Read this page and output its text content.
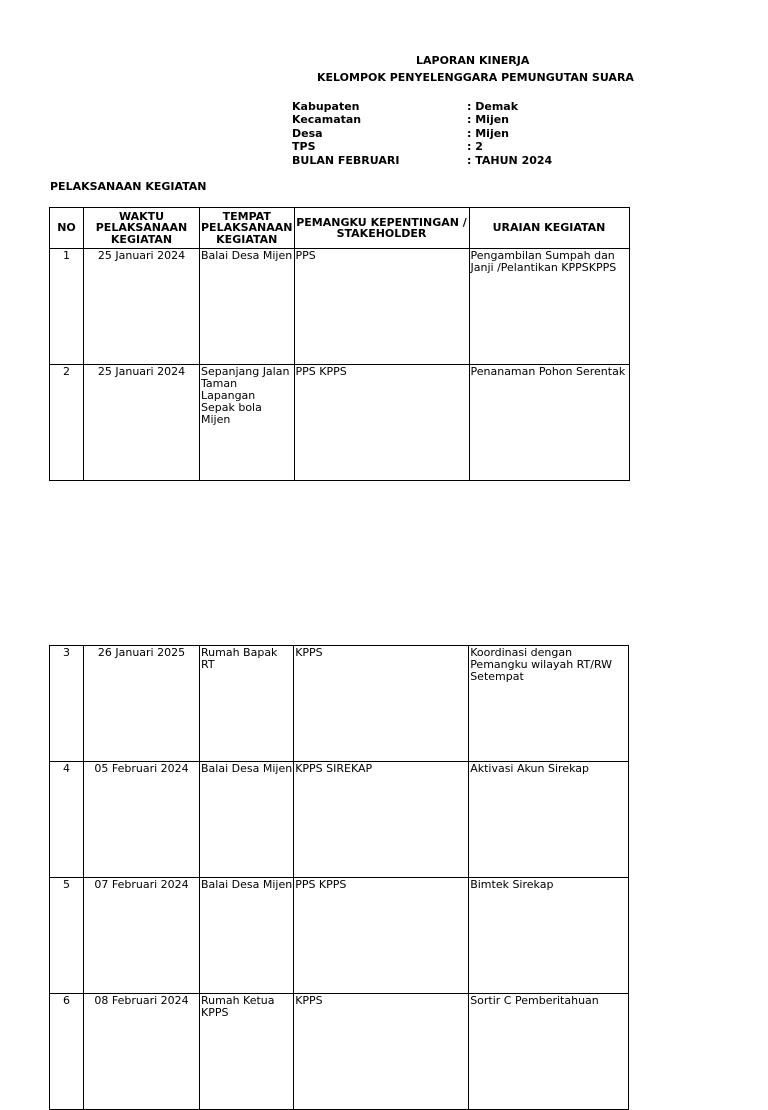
LAPORAN KINERJA
KELOMPOK PENYELENGGARA PEMUNGUTAN SUARA
Kabupaten	: Demak
Kecamatan	: Mijen
Desa	: Mijen
TPS	: 2
BULAN FEBRUARI	: TAHUN 2024
PELAKSANAAN KEGIATAN
NO	WAKTU PELAKSANAAN KEGIATAN	TEMPAT PELAKSANAAN KEGIATAN	PEMANGKU KEPENTINGAN / STAKEHOLDER	URAIAN KEGIATAN
1	25 Januari 2024	Balai Desa Mijen	PPS	Pengambilan Sumpah dan Janji /Pelantikan KPPSKPPS
2	25 Januari 2024	Sepanjang Jalan Taman Lapangan Sepak bola Mijen	PPS KPPS	Penanaman Pohon Serentak
3	26 Januari 2025	Rumah Bapak RT	KPPS	Koordinasi dengan Pemangku wilayah RT/RW Setempat
4	05 Februari 2024	Balai Desa Mijen	KPPS SIREKAP	Aktivasi Akun Sirekap
5	07 Februari 2024	Balai Desa Mijen	PPS KPPS	Bimtek Sirekap
6	08 Februari 2024	Rumah Ketua KPPS	KPPS	Sortir C Pemberitahuan
